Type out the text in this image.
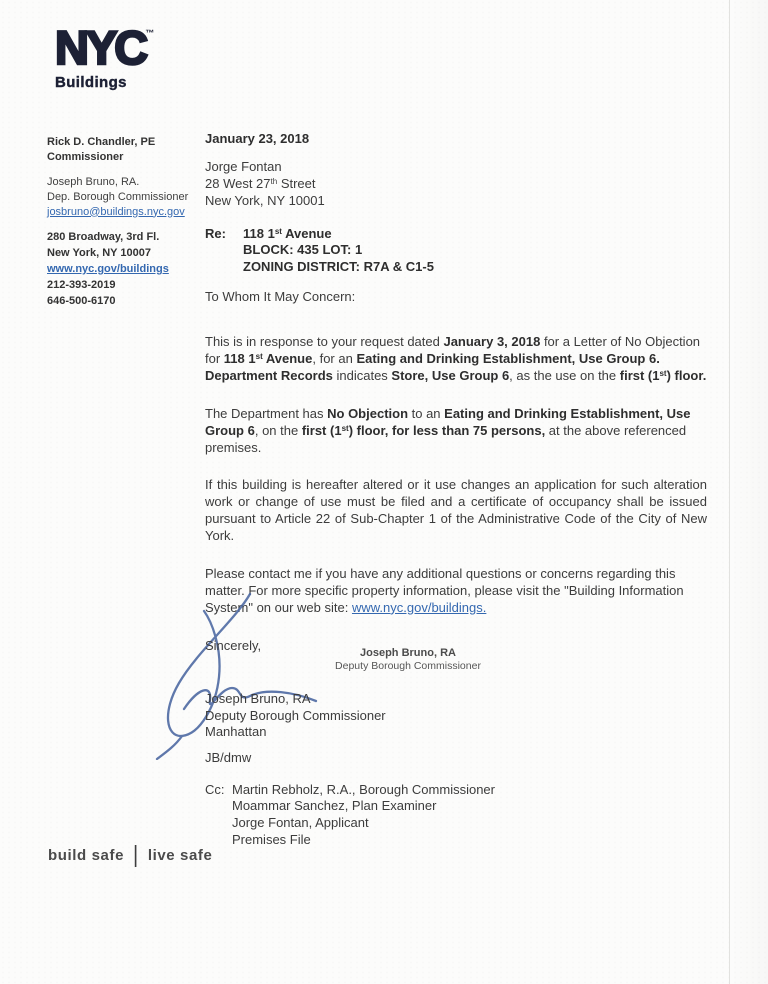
NYC™
Buildings
Rick D. Chandler, PE
Commissioner
Joseph Bruno, RA.
Dep. Borough Commissioner
josbruno@buildings.nyc.gov
280 Broadway, 3rd Fl.
New York, NY 10007
www.nyc.gov/buildings
212-393-2019
646-500-6170
January 23, 2018
Jorge Fontan
28 West 27th Street
New York, NY 10001
Re:	118 1st Avenue
BLOCK: 435 LOT: 1
ZONING DISTRICT: R7A & C1-5
To Whom It May Concern:

This is in response to your request dated January 3, 2018 for a Letter of No Objection for 118 1st Avenue, for an Eating and Drinking Establishment, Use Group 6. Department Records indicates Store, Use Group 6, as the use on the first (1st) floor.

The Department has No Objection to an Eating and Drinking Establishment, Use Group 6, on the first (1st) floor, for less than 75 persons, at the above referenced premises.

If this building is hereafter altered or it use changes an application for such alteration work or change of use must be filed and a certificate of occupancy shall be issued pursuant to Article 22 of Sub-Chapter 1 of the Administrative Code of the City of New York.

Please contact me if you have any additional questions or concerns regarding this matter. For more specific property information, please visit the "Building Information System" on our web site: www.nyc.gov/buildings.

Sincerely,	Joseph Bruno, RA
Deputy Borough Commissioner
Joseph Bruno, RA
Deputy Borough Commissioner
Manhattan
JB/dmw
Cc: Martin Rebholz, R.A., Borough Commissioner
Moammar Sanchez, Plan Examiner
Jorge Fontan, Applicant
Premises File
build safe | live safe
